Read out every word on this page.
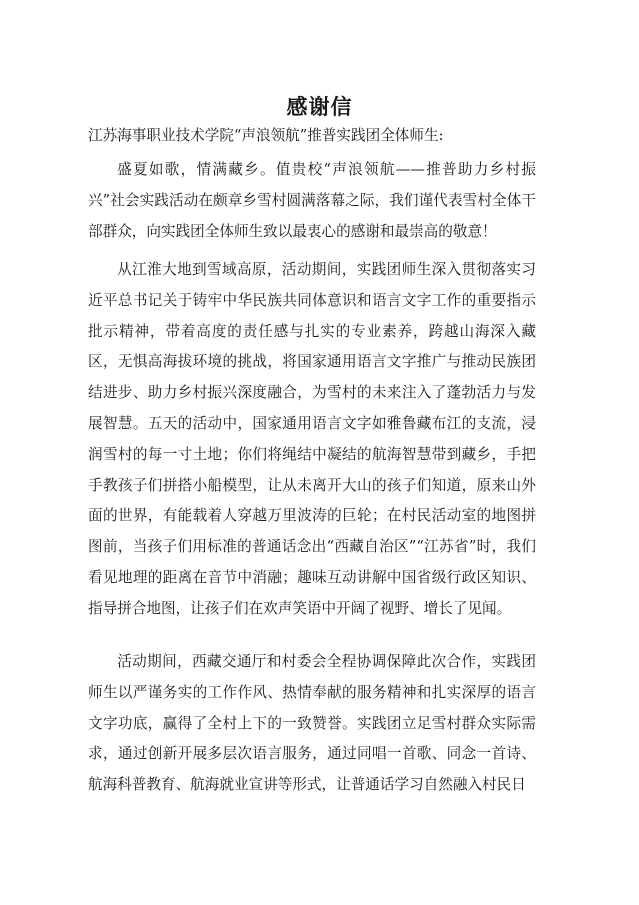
感谢信
江苏海事职业技术学院“声浪领航”推普实践团全体师生:

盛夏如歌，情满藏乡。值贵校“声浪领航——推普助力乡村振兴”社会实践活动在颇章乡雪村圆满落幕之际，我们谨代表雪村全体干部群众，向实践团全体师生致以最衷心的感谢和最崇高的敬意！

从江淮大地到雪域高原，活动期间，实践团师生深入贯彻落实习近平总书记关于铸牢中华民族共同体意识和语言文字工作的重要指示批示精神，带着高度的责任感与扎实的专业素养，跨越山海深入藏区，无惧高海拔环境的挑战，将国家通用语言文字推广与推动民族团结进步、助力乡村振兴深度融合，为雪村的未来注入了蓬勃活力与发展智慧。五天的活动中，国家通用语言文字如雅鲁藏布江的支流，浸润雪村的每一寸土地；你们将绳结中凝结的航海智慧带到藏乡，手把手教孩子们拼搭小船模型，让从未离开大山的孩子们知道，原来山外面的世界，有能载着人穿越万里波涛的巨轮；在村民活动室的地图拼图前，当孩子们用标准的普通话念出“西藏自治区”“江苏省”时，我们看见地理的距离在音节中消融；趣味互动讲解中国省级行政区知识、指导拼合地图，让孩子们在欢声笑语中开阔了视野、增长了见闻。

活动期间，西藏交通厅和村委会全程协调保障此次合作，实践团师生以严谨务实的工作作风、热情奉献的服务精神和扎实深厚的语言文字功底，赢得了全村上下的一致赞誉。实践团立足雪村群众实际需求，通过创新开展多层次语言服务，通过同唱一首歌、同念一首诗、航海科普教育、航海就业宣讲等形式，让普通话学习自然融入村民日
